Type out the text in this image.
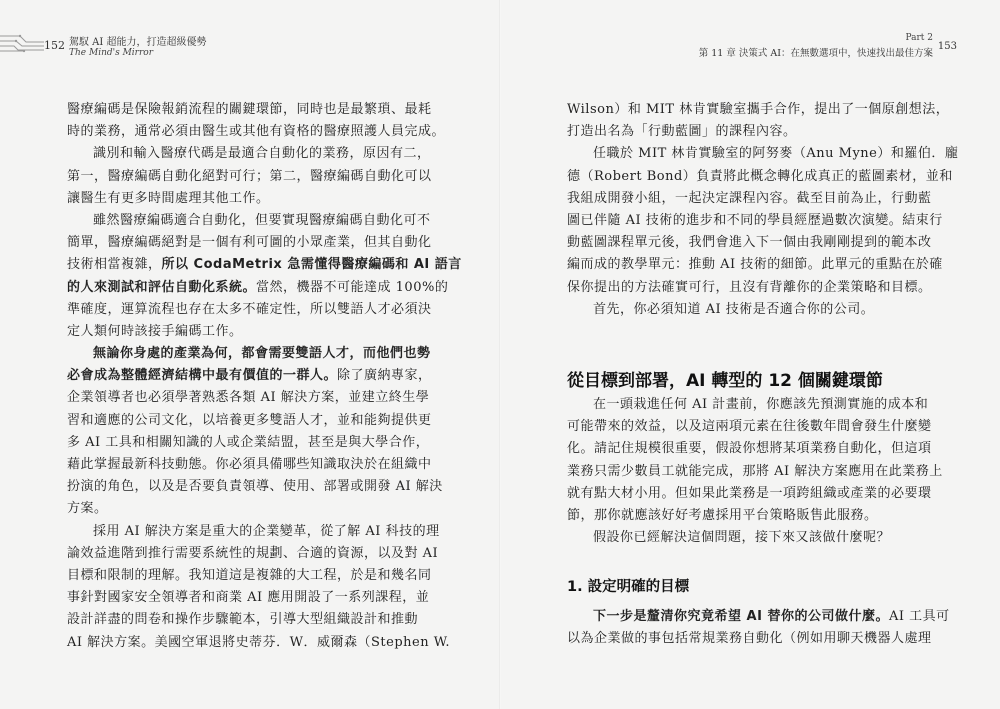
152 駕馭 AI 超能力，打造超級優勢
The Mind's Mirror
醫療編碼是保險報銷流程的關鍵環節，同時也是最繁瑣、最耗
時的業務，通常必須由醫生或其他有資格的醫療照護人員完成。
識別和輸入醫療代碼是最適合自動化的業務，原因有二，
第一，醫療編碼自動化絕對可行；第二，醫療編碼自動化可以
讓醫生有更多時間處理其他工作。
雖然醫療編碼適合自動化，但要實現醫療編碼自動化可不
簡單，醫療編碼絕對是一個有利可圖的小眾產業，但其自動化
技術相當複雜，所以 CodaMetrix 急需懂得醫療編碼和 AI 語言
的人來測試和評估自動化系統。當然，機器不可能達成 100%的
準確度，運算流程也存在太多不確定性，所以雙語人才必須決
定人類何時該接手編碼工作。
無論你身處的產業為何，都會需要雙語人才，而他們也勢
必會成為整體經濟結構中最有價值的一群人。除了廣納專家，
企業領導者也必須學著熟悉各類 AI 解決方案，並建立終生學
習和適應的公司文化，以培養更多雙語人才，並和能夠提供更
多 AI 工具和相關知識的人或企業結盟，甚至是與大學合作，
藉此掌握最新科技動態。你必須具備哪些知識取決於在組織中
扮演的角色，以及是否要負責領導、使用、部署或開發 AI 解決
方案。
採用 AI 解決方案是重大的企業變革，從了解 AI 科技的理
論效益進階到推行需要系統性的規劃、合適的資源，以及對 AI
目標和限制的理解。我知道這是複雜的大工程，於是和幾名同
事針對國家安全領導者和商業 AI 應用開設了一系列課程，並
設計詳盡的問卷和操作步驟範本，引導大型組織設計和推動
AI 解決方案。美國空軍退將史蒂芬．W．威爾森（Stephen W.
Part 2
第 11 章 決策式 AI：在無數選項中，快速找出最佳方案
153
Wilson）和 MIT 林肯實驗室攜手合作，提出了一個原創想法，
打造出名為「行動藍圖」的課程內容。
任職於 MIT 林肯實驗室的阿努麥（Anu Myne）和羅伯．龐
德（Robert Bond）負責將此概念轉化成真正的藍圖素材，並和
我組成開發小組，一起決定課程內容。截至目前為止，行動藍
圖已伴隨 AI 技術的進步和不同的學員經歷過數次演變。結束行
動藍圖課程單元後，我們會進入下一個由我剛剛提到的範本改
編而成的教學單元：推動 AI 技術的細節。此單元的重點在於確
保你提出的方法確實可行，且沒有背離你的企業策略和目標。
首先，你必須知道 AI 技術是否適合你的公司。
從目標到部署，AI 轉型的 12 個關鍵環節
在一頭栽進任何 AI 計畫前，你應該先預測實施的成本和
可能帶來的效益，以及這兩項元素在往後數年間會發生什麼變
化。請記住規模很重要，假設你想將某項業務自動化，但這項
業務只需少數員工就能完成，那將 AI 解決方案應用在此業務上
就有點大材小用。但如果此業務是一項跨組織或產業的必要環
節，那你就應該好好考慮採用平台策略販售此服務。
假設你已經解決這個問題，接下來又該做什麼呢？
1. 設定明確的目標
下一步是釐清你究竟希望 AI 替你的公司做什麼。AI 工具可
以為企業做的事包括常規業務自動化（例如用聊天機器人處理
